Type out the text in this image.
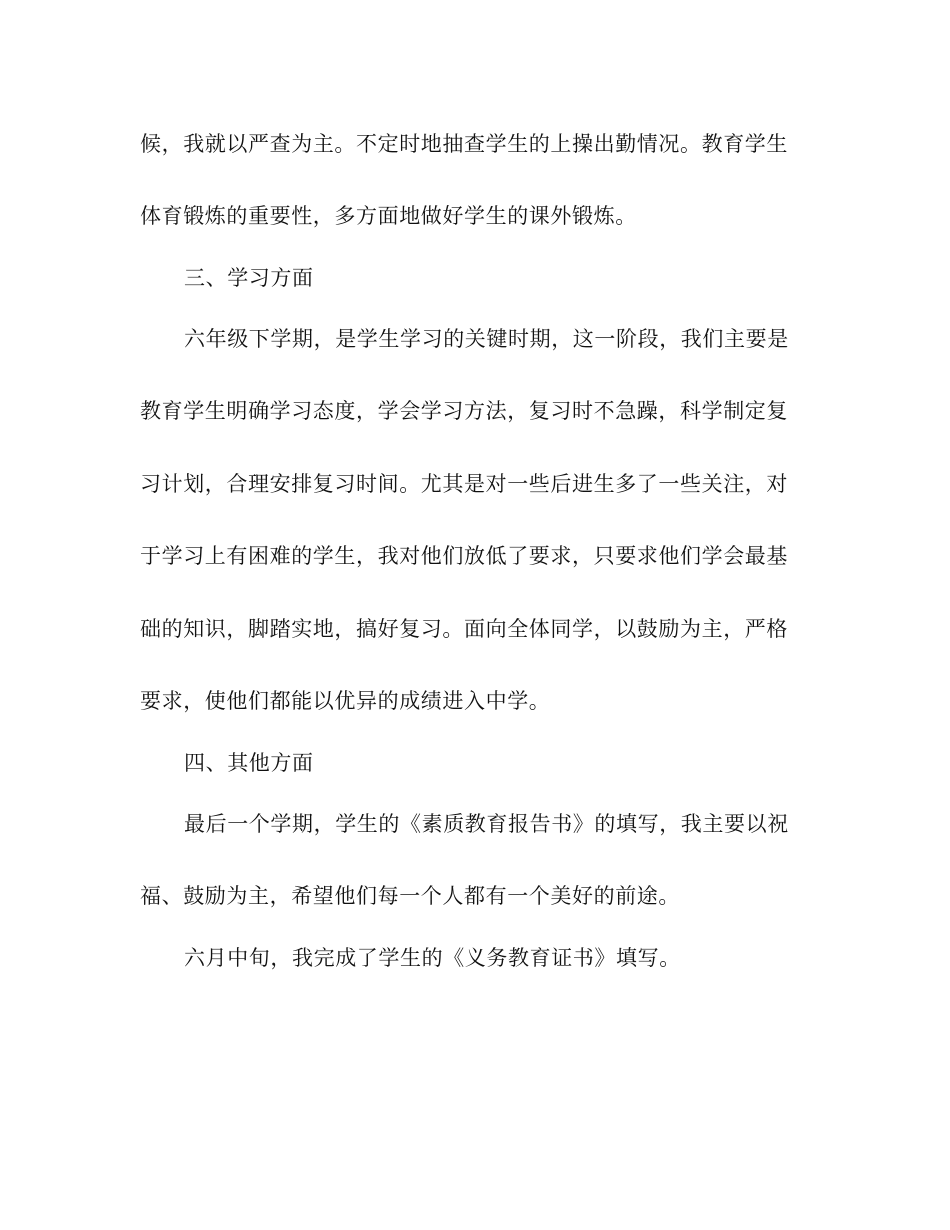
候，我就以严查为主。不定时地抽查学生的上操出勤情况。教育学生
体育锻炼的重要性，多方面地做好学生的课外锻炼。
三、学习方面
六年级下学期，是学生学习的关键时期，这一阶段，我们主要是
教育学生明确学习态度，学会学习方法，复习时不急躁，科学制定复
习计划，合理安排复习时间。尤其是对一些后进生多了一些关注，对
于学习上有困难的学生，我对他们放低了要求，只要求他们学会最基
础的知识，脚踏实地，搞好复习。面向全体同学，以鼓励为主，严格
要求，使他们都能以优异的成绩进入中学。
四、其他方面
最后一个学期，学生的《素质教育报告书》的填写，我主要以祝
福、鼓励为主，希望他们每一个人都有一个美好的前途。
六月中旬，我完成了学生的《义务教育证书》填写。
